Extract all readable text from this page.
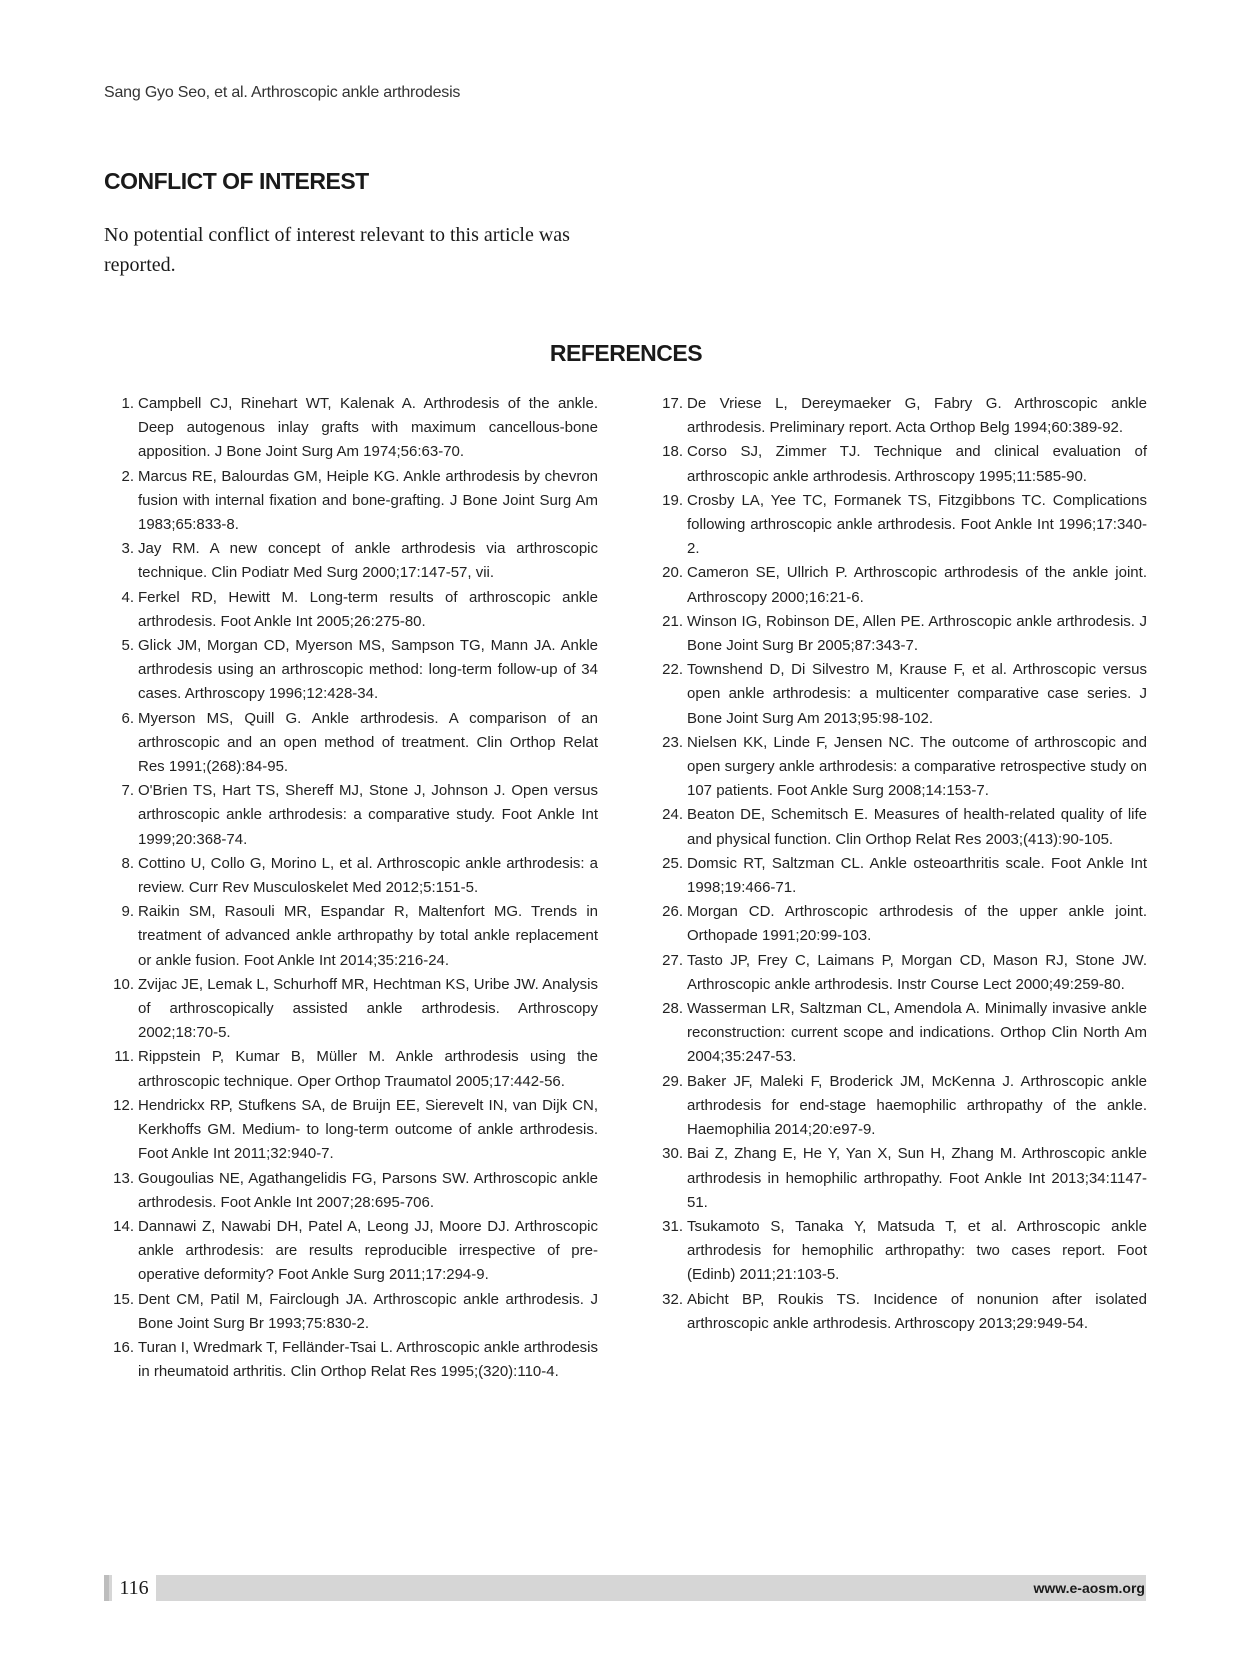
Sang Gyo Seo, et al. Arthroscopic ankle arthrodesis
CONFLICT OF INTEREST
No potential conflict of interest relevant to this article was reported.
REFERENCES
1. Campbell CJ, Rinehart WT, Kalenak A. Arthrodesis of the ankle. Deep autogenous inlay grafts with maximum cancellous-bone apposition. J Bone Joint Surg Am 1974;56:63-70.
2. Marcus RE, Balourdas GM, Heiple KG. Ankle arthrodesis by chevron fusion with internal fixation and bone-grafting. J Bone Joint Surg Am 1983;65:833-8.
3. Jay RM. A new concept of ankle arthrodesis via arthroscopic technique. Clin Podiatr Med Surg 2000;17:147-57, vii.
4. Ferkel RD, Hewitt M. Long-term results of arthroscopic ankle arthrodesis. Foot Ankle Int 2005;26:275-80.
5. Glick JM, Morgan CD, Myerson MS, Sampson TG, Mann JA. Ankle arthrodesis using an arthroscopic method: long-term follow-up of 34 cases. Arthroscopy 1996;12:428-34.
6. Myerson MS, Quill G. Ankle arthrodesis. A comparison of an arthroscopic and an open method of treatment. Clin Orthop Relat Res 1991;(268):84-95.
7. O'Brien TS, Hart TS, Shereff MJ, Stone J, Johnson J. Open versus arthroscopic ankle arthrodesis: a comparative study. Foot Ankle Int 1999;20:368-74.
8. Cottino U, Collo G, Morino L, et al. Arthroscopic ankle arthrodesis: a review. Curr Rev Musculoskelet Med 2012;5:151-5.
9. Raikin SM, Rasouli MR, Espandar R, Maltenfort MG. Trends in treatment of advanced ankle arthropathy by total ankle replacement or ankle fusion. Foot Ankle Int 2014;35:216-24.
10. Zvijac JE, Lemak L, Schurhoff MR, Hechtman KS, Uribe JW. Analysis of arthroscopically assisted ankle arthrodesis. Arthroscopy 2002;18:70-5.
11. Rippstein P, Kumar B, Müller M. Ankle arthrodesis using the arthroscopic technique. Oper Orthop Traumatol 2005;17:442-56.
12. Hendrickx RP, Stufkens SA, de Bruijn EE, Sierevelt IN, van Dijk CN, Kerkhoffs GM. Medium- to long-term outcome of ankle arthrodesis. Foot Ankle Int 2011;32:940-7.
13. Gougoulias NE, Agathangelidis FG, Parsons SW. Arthroscopic ankle arthrodesis. Foot Ankle Int 2007;28:695-706.
14. Dannawi Z, Nawabi DH, Patel A, Leong JJ, Moore DJ. Arthroscopic ankle arthrodesis: are results reproducible irrespective of pre-operative deformity? Foot Ankle Surg 2011;17:294-9.
15. Dent CM, Patil M, Fairclough JA. Arthroscopic ankle arthrodesis. J Bone Joint Surg Br 1993;75:830-2.
16. Turan I, Wredmark T, Felländer-Tsai L. Arthroscopic ankle arthrodesis in rheumatoid arthritis. Clin Orthop Relat Res 1995;(320):110-4.
17. De Vriese L, Dereymaeker G, Fabry G. Arthroscopic ankle arthrodesis. Preliminary report. Acta Orthop Belg 1994;60:389-92.
18. Corso SJ, Zimmer TJ. Technique and clinical evaluation of arthroscopic ankle arthrodesis. Arthroscopy 1995;11:585-90.
19. Crosby LA, Yee TC, Formanek TS, Fitzgibbons TC. Complications following arthroscopic ankle arthrodesis. Foot Ankle Int 1996;17:340-2.
20. Cameron SE, Ullrich P. Arthroscopic arthrodesis of the ankle joint. Arthroscopy 2000;16:21-6.
21. Winson IG, Robinson DE, Allen PE. Arthroscopic ankle arthrodesis. J Bone Joint Surg Br 2005;87:343-7.
22. Townshend D, Di Silvestro M, Krause F, et al. Arthroscopic versus open ankle arthrodesis: a multicenter comparative case series. J Bone Joint Surg Am 2013;95:98-102.
23. Nielsen KK, Linde F, Jensen NC. The outcome of arthroscopic and open surgery ankle arthrodesis: a comparative retrospective study on 107 patients. Foot Ankle Surg 2008;14:153-7.
24. Beaton DE, Schemitsch E. Measures of health-related quality of life and physical function. Clin Orthop Relat Res 2003;(413):90-105.
25. Domsic RT, Saltzman CL. Ankle osteoarthritis scale. Foot Ankle Int 1998;19:466-71.
26. Morgan CD. Arthroscopic arthrodesis of the upper ankle joint. Orthopade 1991;20:99-103.
27. Tasto JP, Frey C, Laimans P, Morgan CD, Mason RJ, Stone JW. Arthroscopic ankle arthrodesis. Instr Course Lect 2000;49:259-80.
28. Wasserman LR, Saltzman CL, Amendola A. Minimally invasive ankle reconstruction: current scope and indications. Orthop Clin North Am 2004;35:247-53.
29. Baker JF, Maleki F, Broderick JM, McKenna J. Arthroscopic ankle arthrodesis for end-stage haemophilic arthropathy of the ankle. Haemophilia 2014;20:e97-9.
30. Bai Z, Zhang E, He Y, Yan X, Sun H, Zhang M. Arthroscopic ankle arthrodesis in hemophilic arthropathy. Foot Ankle Int 2013;34:1147-51.
31. Tsukamoto S, Tanaka Y, Matsuda T, et al. Arthroscopic ankle arthrodesis for hemophilic arthropathy: two cases report. Foot (Edinb) 2011;21:103-5.
32. Abicht BP, Roukis TS. Incidence of nonunion after isolated arthroscopic ankle arthrodesis. Arthroscopy 2013;29:949-54.
116	www.e-aosm.org
